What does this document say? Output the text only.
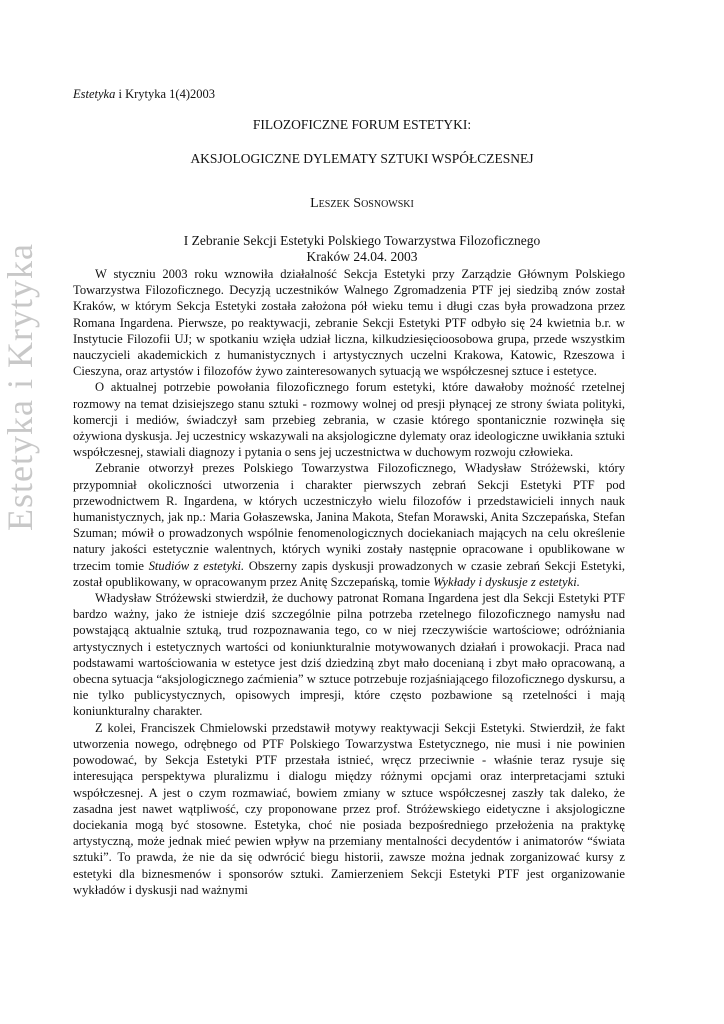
Estetyka i Krytyka
Estetyka i Krytyka 1(4)2003
FILOZOFICZNE FORUM ESTETYKI:
AKSJOLOGICZNE DYLEMATY SZTUKI WSPÓŁCZESNEJ
Leszek Sosnowski
I Zebranie Sekcji Estetyki Polskiego Towarzystwa Filozoficznego
Kraków 24.04. 2003

W styczniu 2003 roku wznowiła działalność Sekcja Estetyki przy Zarządzie Głównym Polskiego Towarzystwa Filozoficznego. Decyzją uczestników Walnego Zgromadzenia PTF jej siedzibą znów został Kraków, w którym Sekcja Estetyki została założona pół wieku temu i długi czas była prowadzona przez Romana Ingardena. Pierwsze, po reaktywacji, zebranie Sekcji Estetyki PTF odbyło się 24 kwietnia b.r. w Instytucie Filozofii UJ; w spotkaniu wzięła udział liczna, kilkudziesięcioosobowa grupa, przede wszystkim nauczycieli akademickich z humanistycznych i artystycznych uczelni Krakowa, Katowic, Rzeszowa i Cieszyna, oraz artystów i filozofów żywo zainteresowanych sytuacją we współczesnej sztuce i estetyce.

O aktualnej potrzebie powołania filozoficznego forum estetyki, które dawałoby możność rzetelnej rozmowy na temat dzisiejszego stanu sztuki - rozmowy wolnej od presji płynącej ze strony świata polityki, komercji i mediów, świadczył sam przebieg zebrania, w czasie którego spontanicznie rozwinęła się ożywiona dyskusja. Jej uczestnicy wskazywali na aksjologiczne dylematy oraz ideologiczne uwikłania sztuki współczesnej, stawiali diagnozy i pytania o sens jej uczestnictwa w duchowym rozwoju człowieka.

Zebranie otworzył prezes Polskiego Towarzystwa Filozoficznego, Władysław Stróżewski, który przypomniał okoliczności utworzenia i charakter pierwszych zebrań Sekcji Estetyki PTF pod przewodnictwem R. Ingardena, w których uczestniczyło wielu filozofów i przedstawicieli innych nauk humanistycznych, jak np.: Maria Gołaszewska, Janina Makota, Stefan Morawski, Anita Szczepańska, Stefan Szuman; mówił o prowadzonych wspólnie fenomenologicznych dociekaniach mających na celu określenie natury jakości estetycznie walentnych, których wyniki zostały następnie opracowane i opublikowane w trzecim tomie Studiów z estetyki. Obszerny zapis dyskusji prowadzonych w czasie zebrań Sekcji Estetyki, został opublikowany, w opracowanym przez Anitę Szczepańską, tomie Wykłady i dyskusje z estetyki.

Władysław Stróżewski stwierdził, że duchowy patronat Romana Ingardena jest dla Sekcji Estetyki PTF bardzo ważny, jako że istnieje dziś szczególnie pilna potrzeba rzetelnego filozoficznego namysłu nad powstającą aktualnie sztuką, trud rozpoznawania tego, co w niej rzeczywiście wartościowe; odróżniania artystycznych i estetycznych wartości od koniunkturalnie motywowanych działań i prowokacji. Praca nad podstawami wartościowania w estetyce jest dziś dziedziną zbyt mało docenianą i zbyt mało opracowaną, a obecna sytuacja “aksjologicznego zaćmienia” w sztuce potrzebuje rozjaśniającego filozoficznego dyskursu, a nie tylko publicystycznych, opisowych impresji, które często pozbawione są rzetelności i mają koniunkturalny charakter.

Z kolei, Franciszek Chmielowski przedstawił motywy reaktywacji Sekcji Estetyki. Stwierdził, że fakt utworzenia nowego, odrębnego od PTF Polskiego Towarzystwa Estetycznego, nie musi i nie powinien powodować, by Sekcja Estetyki PTF przestała istnieć, wręcz przeciwnie - właśnie teraz rysuje się interesująca perspektywa pluralizmu i dialogu między różnymi opcjami oraz interpretacjami sztuki współczesnej. A jest o czym rozmawiać, bowiem zmiany w sztuce współczesnej zaszły tak daleko, że zasadna jest nawet wątpliwość, czy proponowane przez prof. Stróżewskiego eidetyczne i aksjologiczne dociekania mogą być stosowne. Estetyka, choć nie posiada bezpośredniego przełożenia na praktykę artystyczną, może jednak mieć pewien wpływ na przemiany mentalności decydentów i animatorów “świata sztuki”. To prawda, że nie da się odwrócić biegu historii, zawsze można jednak zorganizować kursy z estetyki dla biznesmenów i sponsorów sztuki. Zamierzeniem Sekcji Estetyki PTF jest organizowanie wykładów i dyskusji nad ważnymi
